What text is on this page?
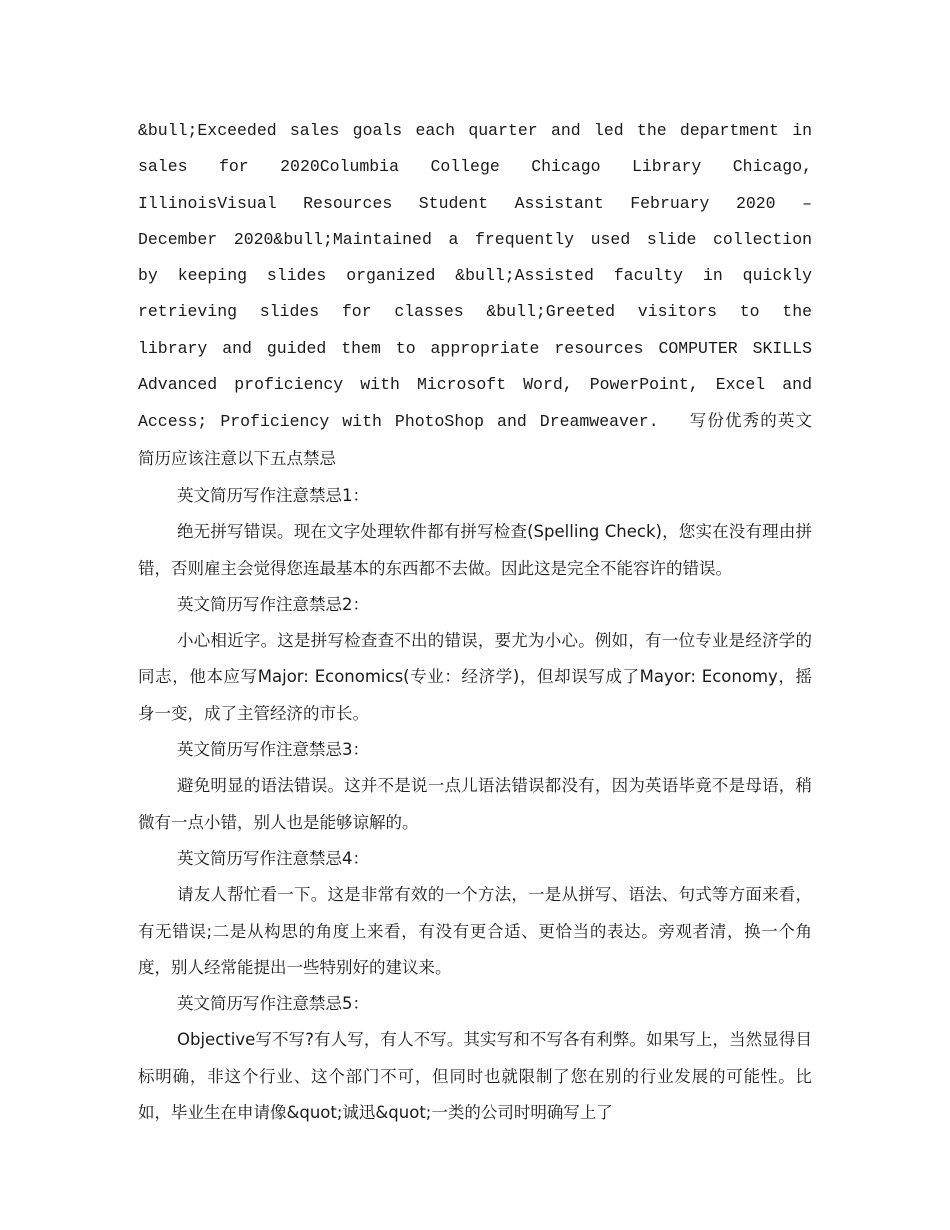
&bull;Exceeded sales goals each quarter and led the department in sales for 2020Columbia College Chicago Library Chicago, IllinoisVisual Resources Student Assistant February 2020 – December 2020&bull;Maintained a frequently used slide collection by keeping slides organized &bull;Assisted faculty in quickly retrieving slides for classes &bull;Greeted visitors to the library and guided them to appropriate resources COMPUTER SKILLS Advanced proficiency with Microsoft Word, PowerPoint, Excel and Access; Proficiency with PhotoShop and Dreamweaver. 写份优秀的英文简历应该注意以下五点禁忌

英文简历写作注意禁忌1：

绝无拼写错误。现在文字处理软件都有拼写检查(Spelling Check)，您实在没有理由拼错，否则雇主会觉得您连最基本的东西都不去做。因此这是完全不能容许的错误。

英文简历写作注意禁忌2：

小心相近字。这是拼写检查查不出的错误，要尤为小心。例如，有一位专业是经济学的同志，他本应写Major: Economics(专业：经济学)，但却误写成了Mayor: Economy，摇身一变，成了主管经济的市长。

英文简历写作注意禁忌3：

避免明显的语法错误。这并不是说一点儿语法错误都没有，因为英语毕竟不是母语，稍微有一点小错，别人也是能够谅解的。

英文简历写作注意禁忌4：

请友人帮忙看一下。这是非常有效的一个方法，一是从拼写、语法、句式等方面来看，有无错误;二是从构思的角度上来看，有没有更合适、更恰当的表达。旁观者清，换一个角度，别人经常能提出一些特别好的建议来。

英文简历写作注意禁忌5：

Objective写不写?有人写，有人不写。其实写和不写各有利弊。如果写上，当然显得目标明确，非这个行业、这个部门不可，但同时也就限制了您在别的行业发展的可能性。比如，毕业生在申请像&quot;诚迅&quot;一类的公司时明确写上了
